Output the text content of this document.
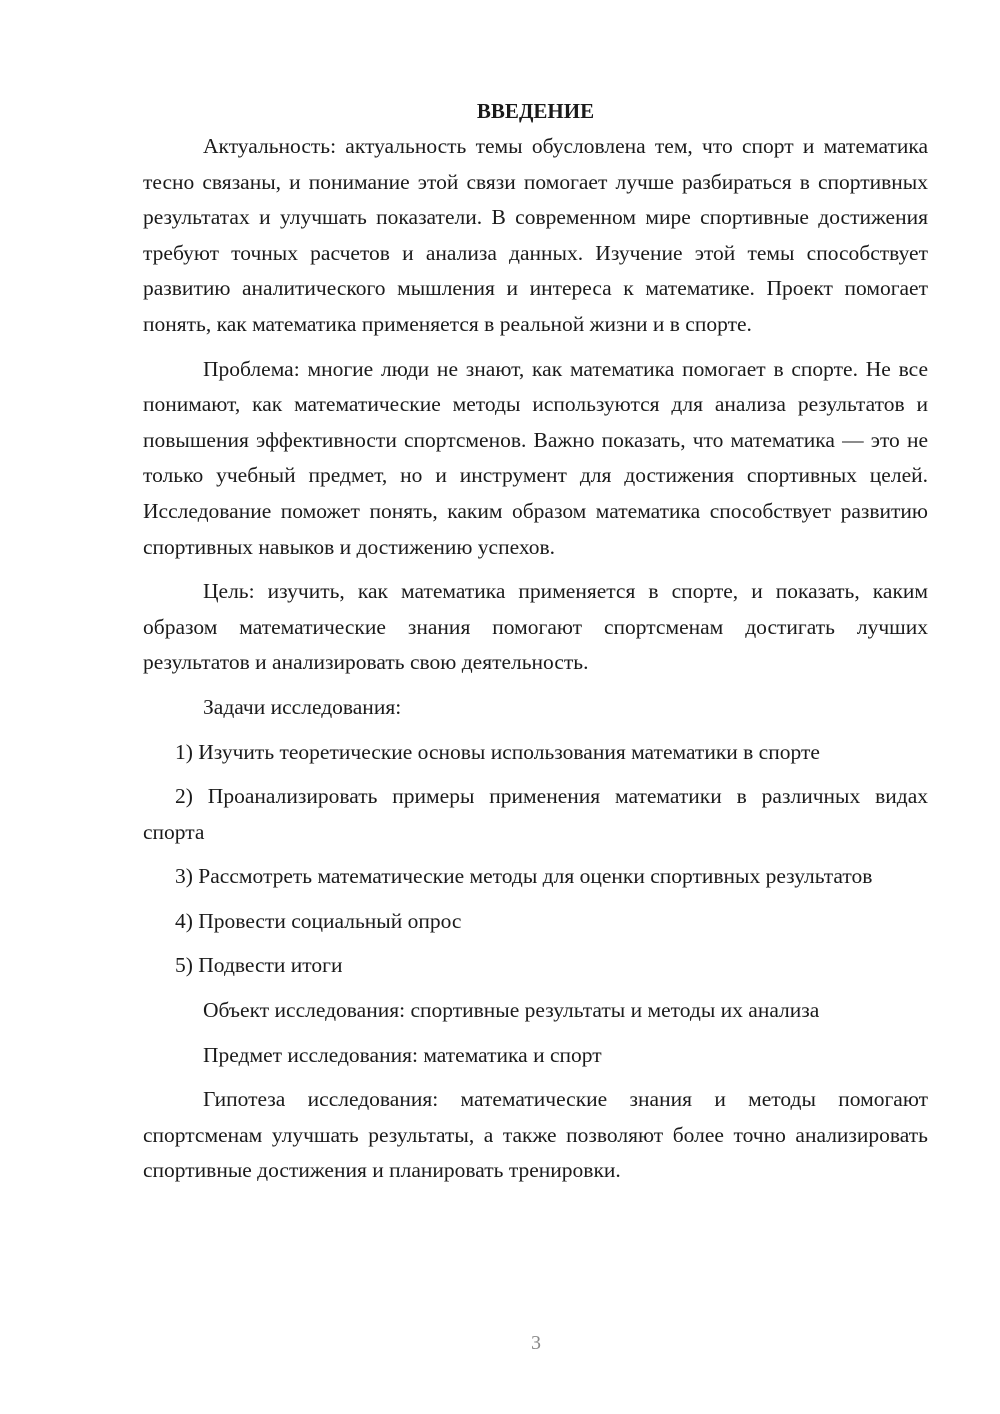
ВВЕДЕНИЕ

Актуальность: актуальность темы обусловлена тем, что спорт и математика тесно связаны, и понимание этой связи помогает лучше разбираться в спортивных результатах и улучшать показатели. В современном мире спортивные достижения требуют точных расчетов и анализа данных. Изучение этой темы способствует развитию аналитического мышления и интереса к математике. Проект помогает понять, как математика применяется в реальной жизни и в спорте.

Проблема: многие люди не знают, как математика помогает в спорте. Не все понимают, как математические методы используются для анализа результатов и повышения эффективности спортсменов. Важно показать, что математика — это не только учебный предмет, но и инструмент для достижения спортивных целей. Исследование поможет понять, каким образом математика способствует развитию спортивных навыков и достижению успехов.

Цель: изучить, как математика применяется в спорте, и показать, каким образом математические знания помогают спортсменам достигать лучших результатов и анализировать свою деятельность.

Задачи исследования:

1) Изучить теоретические основы использования математики в спорте

2) Проанализировать примеры применения математики в различных видах спорта

3) Рассмотреть математические методы для оценки спортивных результатов

4) Провести социальный опрос

5) Подвести итоги

Объект исследования: спортивные результаты и методы их анализа

Предмет исследования: математика и спорт

Гипотеза исследования: математические знания и методы помогают спортсменам улучшать результаты, а также позволяют более точно анализировать спортивные достижения и планировать тренировки.

3
